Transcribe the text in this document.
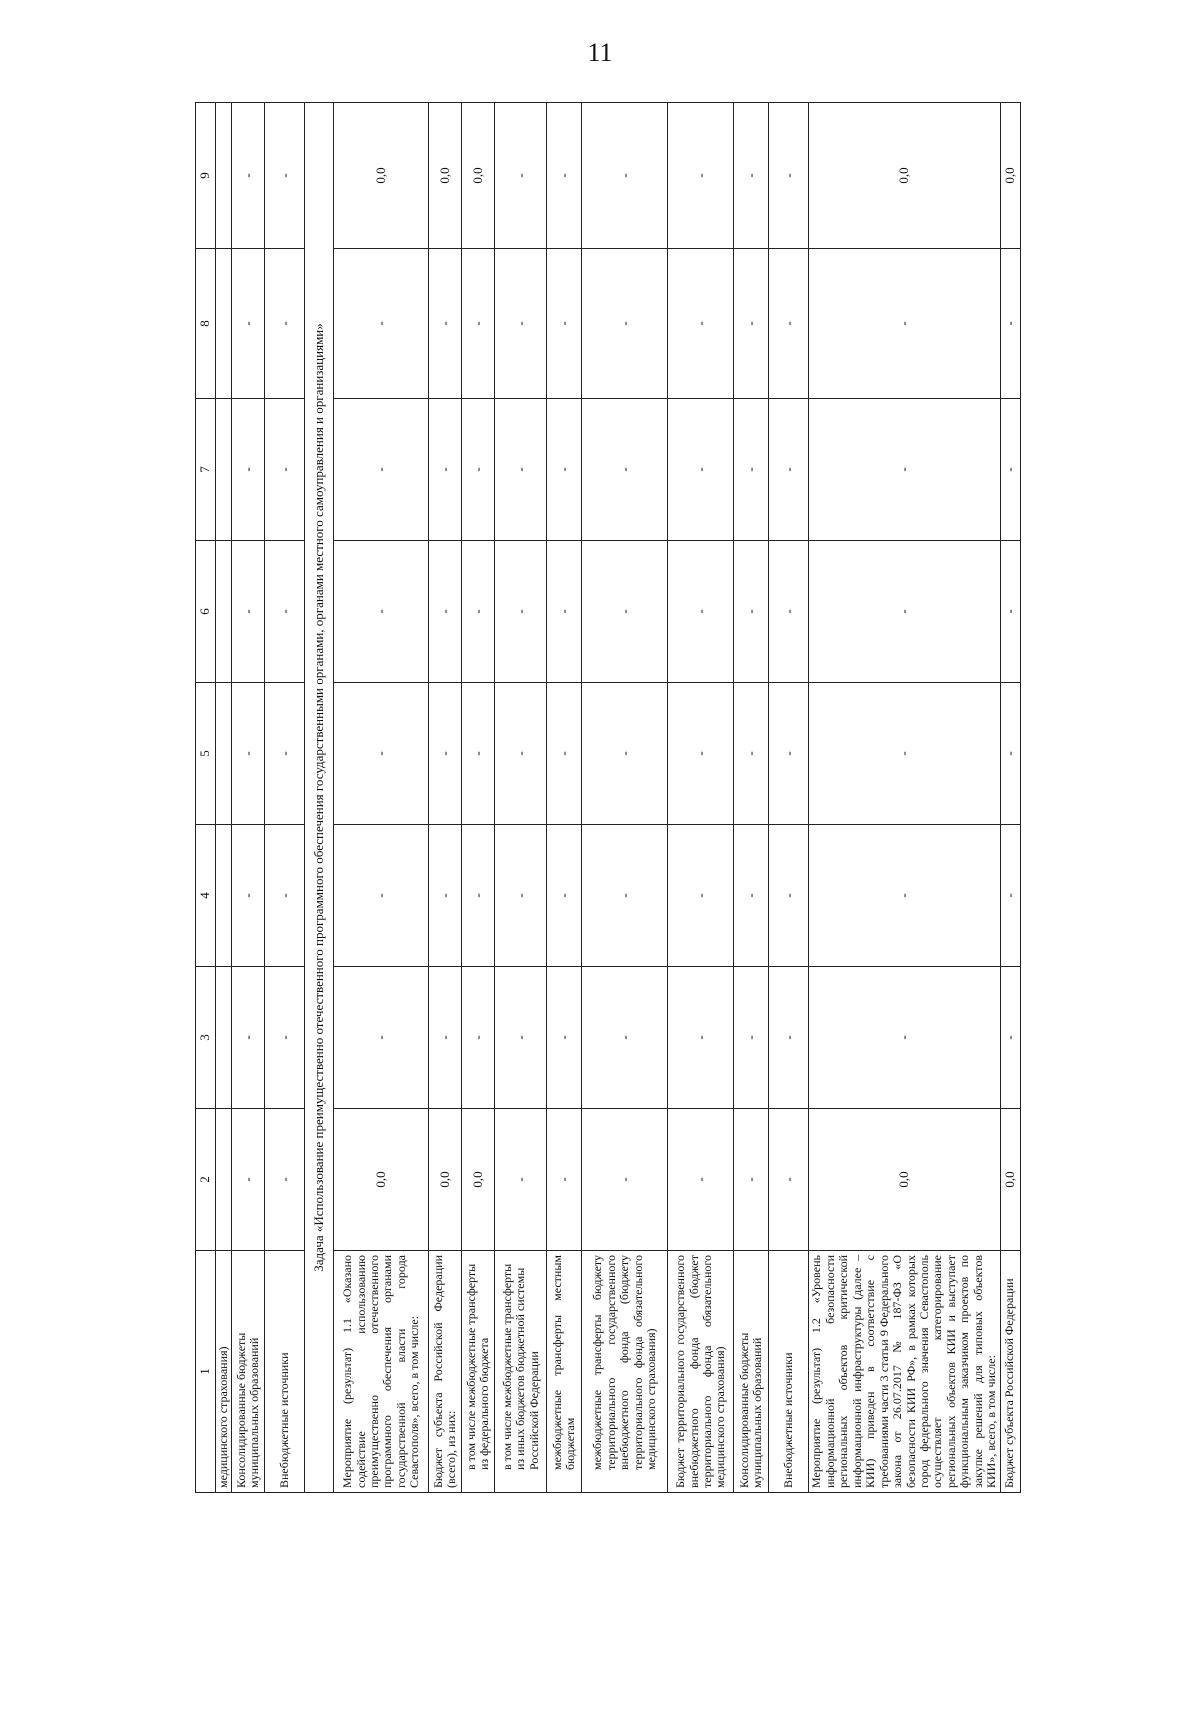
11
1	2	3	4	5	6	7	8	9
медицинского страхования)								
Консолидированные бюджеты муниципальных образований	-	-	-	-	-	-	-	-
Внебюджетные источники	-	-	-	-	-	-	-	-
Задача «Использование преимущественно отечественного программного обеспечения государственными органами, органами местного самоуправления и организациями»								
Мероприятие (результат) 1.1 «Оказано содействие использованию преимущественно отечественного программного обеспечения органами государственной власти города Севастополя», всего, в том числе:	0,0	-	-	-	-	-	-	0,0
Бюджет субъекта Российской Федерации (всего), из них:	0,0	-	-	-	-	-	-	0,0
в том числе межбюджетные трансферты из федерального бюджета	0,0	-	-	-	-	-	-	0,0
в том числе межбюджетные трансферты из иных бюджетов бюджетной системы Российской Федерации	-	-	-	-	-	-	-	-
межбюджетные трансферты местным бюджетам	-	-	-	-	-	-	-	-
межбюджетные трансферты бюджету территориального государственного внебюджетного фонда (бюджету территориального фонда обязательного медицинского страхования)	-	-	-	-	-	-	-	-
Бюджет территориального государственного внебюджетного фонда (бюджет территориального фонда обязательного медицинского страхования)	-	-	-	-	-	-	-	-
Консолидированные бюджеты муниципальных образований	-	-	-	-	-	-	-	-
Внебюджетные источники	-	-	-	-	-	-	-	-
Мероприятие (результат) 1.2 «Уровень информационной безопасности региональных объектов критической информационной инфраструктуры (далее – КИИ) приведен в соответствие с требованиями части 3 статьи 9 Федерального закона от 26.07.2017 № 187-ФЗ «О безопасности КИИ РФ», в рамках которых город федерального значения Севастополь осуществляет категорирование региональных объектов КИИ и выступает функциональным заказчиком проектов по закупке решений для типовых объектов КИИ», всего, в том числе:	0,0	-	-	-	-	-	-	0,0
Бюджет субъекта Российской Федерации	0,0	-	-	-	-	-	-	0,0
